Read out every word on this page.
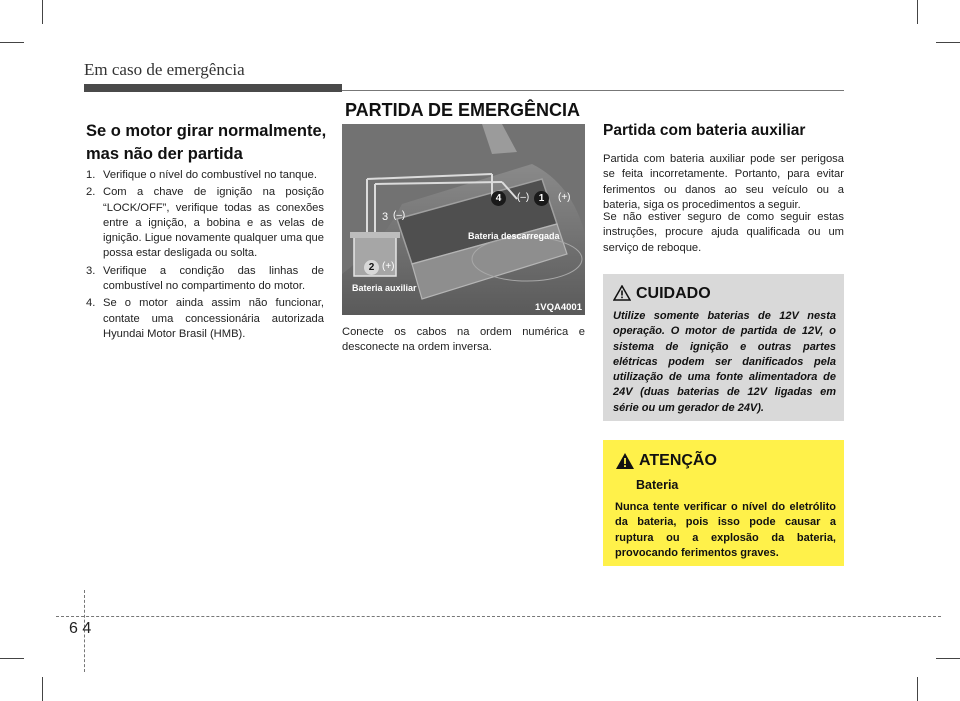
Em caso de emergência
PARTIDA DE EMERGÊNCIA
Se o motor girar normalmente, mas não der partida
1. Verifique o nível do combustível no tanque.
2. Com a chave de ignição na posição “LOCK/OFF”, verifique todas as conexões entre a ignição, a bobina e as velas de ignição. Ligue novamente qualquer uma que possa estar desligada ou solta.
3. Verifique a condição das linhas de combustível no compartimento do motor.
4. Se o motor ainda assim não funcionar, contate uma concessionária autorizada Hyundai Motor Brasil (HMB).
4	(–) 1	(+)
3 (–)
2 (+)
Bateria descarregada
Bateria auxiliar
1VQA4001
Conecte os cabos na ordem numérica e desconecte na ordem inversa.
Partida com bateria auxiliar

Partida com bateria auxiliar pode ser perigosa se feita incorretamente. Portanto, para evitar ferimentos ou danos ao seu veículo ou a bateria, siga os procedimentos a seguir.

Se não estiver seguro de como seguir estas instruções, procure ajuda qualificada ou um serviço de reboque.

CUIDADO

Utilize somente baterias de 12V nesta operação. O motor de partida de 12V, o sistema de ignição e outras partes elétricas podem ser danificados pela utilização de uma fonte alimentadora de 24V (duas baterias de 12V ligadas em série ou um gerador de 24V).

ATENÇÃO
Bateria

Nunca tente verificar o nível do eletrólito da bateria, pois isso pode causar a ruptura ou a explosão da bateria, provocando ferimentos graves.

6 4
